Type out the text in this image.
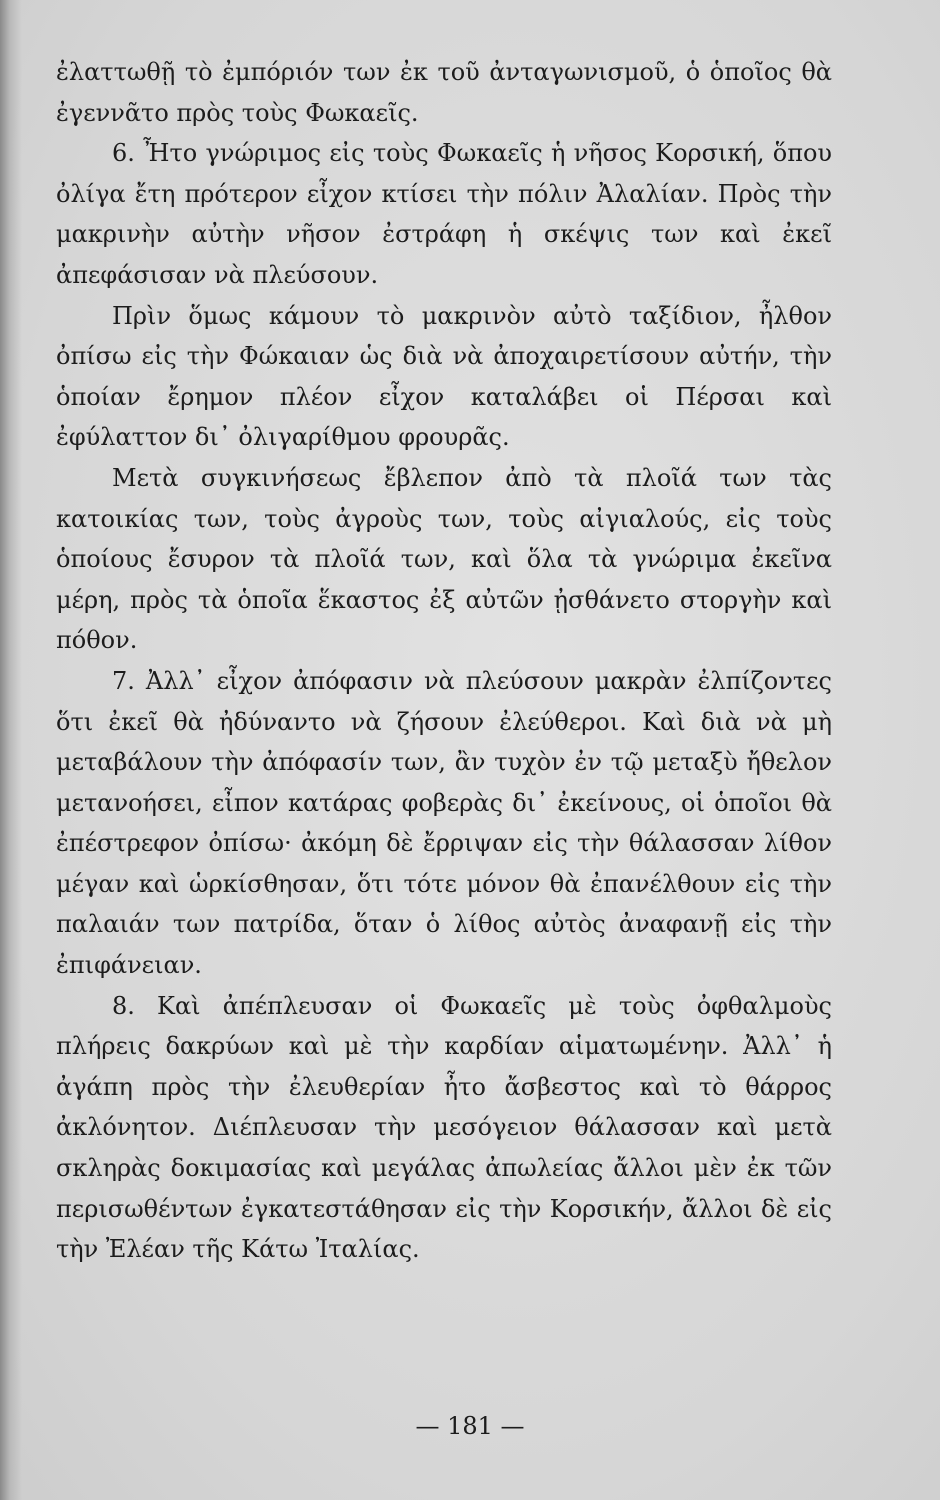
ἐλαττωθῇ τὸ ἐμπόριόν των ἐκ τοῦ ἀνταγωνισμοῦ, ὁ ὁποῖος θὰ ἐγεννᾶτο πρὸς τοὺς Φωκαεῖς.

6. Ἦτο γνώριμος εἰς τοὺς Φωκαεῖς ἡ νῆσος Κορσική, ὅπου ὀλίγα ἔτη πρότερον εἶχον κτίσει τὴν πόλιν Ἀλαλίαν. Πρὸς τὴν μακρινὴν αὐτὴν νῆσον ἐστράφη ἡ σκέψις των καὶ ἐκεῖ ἀπεφάσισαν νὰ πλεύσουν.

Πρὶν ὅμως κάμουν τὸ μακρινὸν αὐτὸ ταξίδιον, ἦλθον ὀπίσω εἰς τὴν Φώκαιαν ὡς διὰ νὰ ἀποχαιρετίσουν αὐτήν, τὴν ὁποίαν ἔρημον πλέον εἶχον καταλάβει οἱ Πέρσαι καὶ ἐφύλαττον δι᾽ ὀλιγαρίθμου φρουρᾶς.

Μετὰ συγκινήσεως ἔβλεπον ἀπὸ τὰ πλοῖά των τὰς κατοικίας των, τοὺς ἀγροὺς των, τοὺς αἰγιαλούς, εἰς τοὺς ὁποίους ἔσυρον τὰ πλοῖά των, καὶ ὅλα τὰ γνώριμα ἐκεῖνα μέρη, πρὸς τὰ ὁποῖα ἕκαστος ἐξ αὐτῶν ᾐσθάνετο στοργὴν καὶ πόθον.

7. Ἀλλ᾽ εἶχον ἀπόφασιν νὰ πλεύσουν μακρὰν ἐλπίζοντες ὅτι ἐκεῖ θὰ ἠδύναντο νὰ ζήσουν ἐλεύθεροι. Καὶ διὰ νὰ μὴ μεταβάλουν τὴν ἀπόφασίν των, ἂν τυχὸν ἐν τῷ μεταξὺ ἤθελον μετανοήσει, εἶπον κατάρας φοβερὰς δι᾽ ἐκείνους, οἱ ὁποῖοι θὰ ἐπέστρεφον ὀπίσω· ἀκόμη δὲ ἔρριψαν εἰς τὴν θάλασσαν λίθον μέγαν καὶ ὡρκίσθησαν, ὅτι τότε μόνον θὰ ἐπανέλθουν εἰς τὴν παλαιάν των πατρίδα, ὅταν ὁ λίθος αὐτὸς ἀναφανῇ εἰς τὴν ἐπιφάνειαν.

8. Καὶ ἀπέπλευσαν οἱ Φωκαεῖς μὲ τοὺς ὀφθαλμοὺς πλήρεις δακρύων καὶ μὲ τὴν καρδίαν αἱματωμένην. Ἀλλ᾽ ἡ ἀγάπη πρὸς τὴν ἐλευθερίαν ἦτο ἄσβεστος καὶ τὸ θάρρος ἀκλόνητον. Διέπλευσαν τὴν μεσόγειον θάλασσαν καὶ μετὰ σκληρὰς δοκιμασίας καὶ μεγάλας ἀπωλείας ἄλλοι μὲν ἐκ τῶν περισωθέντων ἐγκατεστάθησαν εἰς τὴν Κορσικήν, ἄλλοι δὲ εἰς τὴν Ἐλέαν τῆς Κάτω Ἰταλίας.

— 181 —
